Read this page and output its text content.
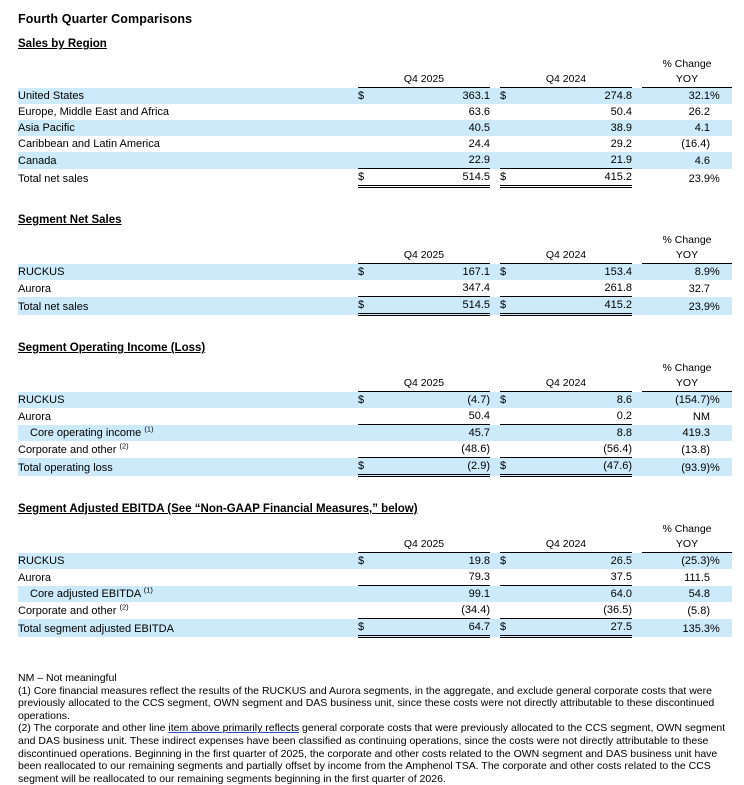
Fourth Quarter Comparisons
Sales by Region
							% Change	
	Q4 2025			Q4 2024			YOY	
United States	$	363.1		$	274.8		32.1	%
Europe, Middle East and Africa		63.6			50.4		26.2	
Asia Pacific		40.5			38.9		4.1	
Caribbean and Latin America		24.4			29.2		(16.4)	
Canada		22.9			21.9		4.6	
Total net sales	$	514.5		$	415.2		23.9	%
Segment Net Sales
							% Change	
	Q4 2025			Q4 2024			YOY	
RUCKUS	$	167.1		$	153.4		8.9	%
Aurora		347.4			261.8		32.7	
Total net sales	$	514.5		$	415.2		23.9	%
Segment Operating Income (Loss)
							% Change	
	Q4 2025			Q4 2024			YOY	
RUCKUS	$	(4.7)		$	8.6		(154.7)	%
Aurora		50.4			0.2		NM	
Core operating income $^{(1)}$		45.7			8.8		419.3	
Corporate and other $^{(2)}$		(48.6)			(56.4)		(13.8)	
Total operating loss	$	(2.9)		$	(47.6)		(93.9)	%
Segment Adjusted EBITDA (See “Non-GAAP Financial Measures,” below)
							% Change	
	Q4 2025			Q4 2024			YOY	
RUCKUS	$	19.8		$	26.5		(25.3)	%
Aurora		79.3			37.5		111.5	
Core adjusted EBITDA $^{(1)}$		99.1			64.0		54.8	
Corporate and other $^{(2)}$		(34.4)			(36.5)		(5.8)	
Total segment adjusted EBITDA	$	64.7		$	27.5		135.3	%

NM – Not meaningful

(1) Core financial measures reflect the results of the RUCKUS and Aurora segments, in the aggregate, and exclude general corporate costs that were previously allocated to the CCS segment, OWN segment and DAS business unit, since these costs were not directly attributable to these discontinued operations.

(2) The corporate and other line item above primarily reflects general corporate costs that were previously allocated to the CCS segment, OWN segment and DAS business unit. These indirect expenses have been classified as continuing operations, since the costs were not directly attributable to these discontinued operations. Beginning in the first quarter of 2025, the corporate and other costs related to the OWN segment and DAS business unit have been reallocated to our remaining segments and partially offset by income from the Amphenol TSA. The corporate and other costs related to the CCS segment will be reallocated to our remaining segments beginning in the first quarter of 2026.
